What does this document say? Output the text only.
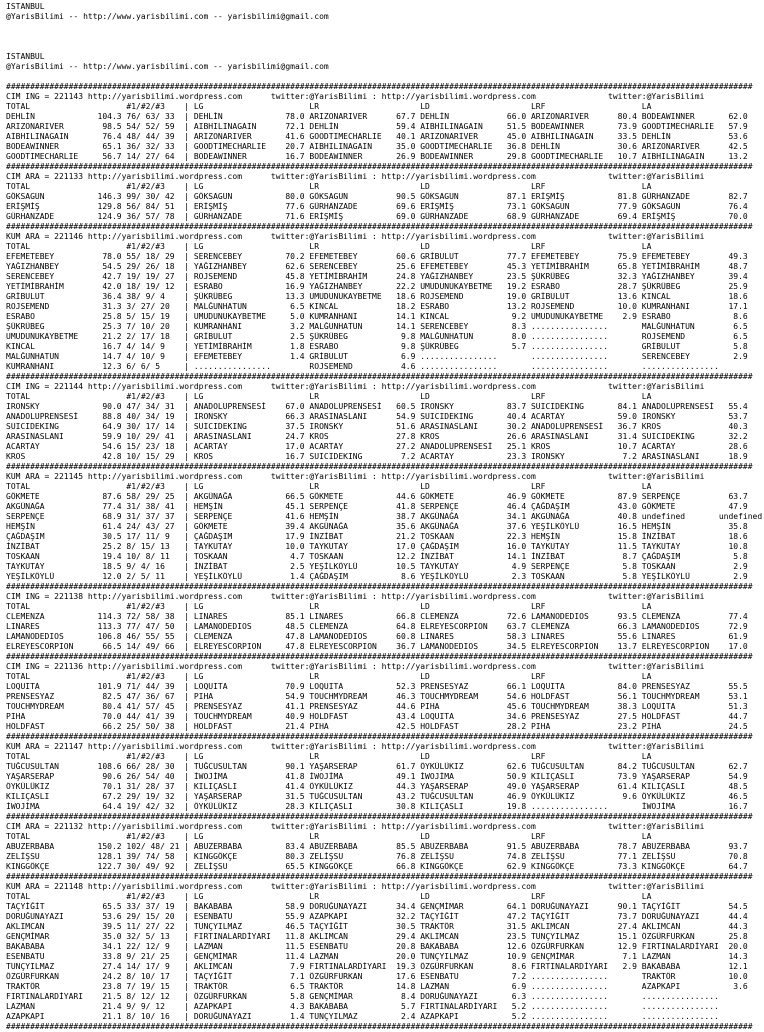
ISTANBUL
@YarisBilimi -- http://www.yarisbilimi.com -- yarisbilimi@gmail.com
ISTANBUL
@YarisBilimi -- http://www.yarisbilimi.com -- yarisbilimi@gmail.com
###########################################################################################################################################################
CIM ING = 221143 http://yarisbilimi.wordpress.com      twitter:@YarisBilimi : http://yarisbilimi.wordpress.com               twitter:@YarisBilimi
TOTAL                    #1/#2/#3    | LG                      LR                     LD                     LRF                    LA
DEHLİN             104.3 76/ 63/ 33  | DEHLİN             78.0 ARIZONARIVER      67.7 DEHLİN            66.0 ARIZONARIVER      80.4 BODEAWINNER       62.0
ARIZONARIVER        98.5 54/ 52/ 59  | AIBHILINAGAIN      72.1 DEHLİN            59.4 AIBHILINAGAIN     51.5 BODEAWINNER       73.9 GOODTIMECHARLIE   57.9
AIBHILINAGAIN       76.4 48/ 44/ 39  | ARIZONARIVER       41.6 GOODTIMECHARLIE   40.1 ARIZONARIVER      45.0 AIBHILINAGAIN     33.5 DEHLİN            53.6
BODEAWINNER         65.1 36/ 32/ 33  | GOODTIMECHARLIE    20.7 AIBHILINAGAIN     35.0 GOODTIMECHARLIE   36.8 DEHLİN            30.6 ARIZONARIVER      42.5
GOODTIMECHARLIE     56.7 14/ 27/ 64  | BODEAWINNER        16.7 BODEAWINNER       26.9 BODEAWINNER       29.8 GOODTIMECHARLIE   10.7 AIBHILINAGAIN     13.2
###########################################################################################################################################################
CIM ARA = 221133 http://yarisbilimi.wordpress.com      twitter:@YarisBilimi : http://yarisbilimi.wordpress.com               twitter:@YarisBilimi
TOTAL                    #1/#2/#3    | LG                      LR                     LD                     LRF                    LA
GÖKSAGUN           146.3 99/ 30/ 42  | GÖKSAGUN           80.0 GÖKSAGUN          90.5 GÖKSAGUN          87.1 ERİŞMİŞ           81.8 GÜRHANZADE        82.7
ERİŞMİŞ            129.8 56/ 84/ 51  | ERİŞMİŞ            77.6 GÜRHANZADE        69.6 ERİŞMİŞ           73.1 GÖKSAGUN          77.9 GÖKSAGUN          76.4
GÜRHANZADE         124.9 36/ 57/ 78  | GÜRHANZADE         71.6 ERİŞMİŞ           69.0 GÜRHANZADE        68.9 GÜRHANZADE        69.4 ERİŞMİŞ           70.0
###########################################################################################################################################################
KUM ARA = 221146 http://yarisbilimi.wordpress.com      twitter:@YarisBilimi : http://yarisbilimi.wordpress.com               twitter:@YarisBilimi
TOTAL                    #1/#2/#3    | LG                      LR                     LD                     LRF                    LA
EFEMETEBEY          78.0 55/ 18/ 29  | SERENCEBEY         70.2 EFEMETEBEY        60.6 GRİBULUT          77.7 EFEMETEBEY        75.9 EFEMETEBEY        49.3
YAĞIZHANBEY         54.5 29/ 26/ 18  | YAĞIZHANBEY        62.6 SERENCEBEY        25.6 EFEMETEBEY        45.3 YETİMİBRAHİM      65.8 YETİMİBRAHİM      48.7
SERENCEBEY          42.7 19/ 19/ 27  | ROJSEMEND          45.8 YETİMİBRAHİM      24.8 YAĞIZHANBEY       23.5 ŞÜKRÜBEG          32.3 YAĞIZHANBEY       39.4
YETİMİBRAHİM        42.0 18/ 19/ 12  | ESRABO             16.9 YAĞIZHANBEY       22.2 UMUDUNUKAYBETME   19.2 ESRABO            28.7 ŞÜKRÜBEG          25.9
GRİBULUT            36.4 38/ 9/ 4    | ŞÜKRÜBEG           13.3 UMUDUNUKAYBETME   18.6 ROJSEMEND         19.0 GRİBULUT          13.6 KINCAL            18.6
ROJSEMEND           31.3 3/ 27/ 20   | MALĞUNHATUN         6.5 KINCAL            18.2 ESRABO            13.2 ROJSEMEND         10.0 KUMRANHANI        17.1
ESRABO              25.8 5/ 15/ 19   | UMUDUNUKAYBETME     5.0 KUMRANHANI        14.1 KINCAL             9.2 UMUDUNUKAYBETME    2.9 ESRABO             8.6
ŞÜKRÜBEG            25.3 7/ 10/ 20   | KUMRANHANI          3.2 MALĞUNHATUN       14.1 SERENCEBEY         8.3 ................       MALĞUNHATUN        6.5
UMUDUNUKAYBETME     21.2 2/ 17/ 18   | GRİBULUT            2.5 ŞÜKRÜBEG           9.8 MALĞUNHATUN        8.0 ................       ROJSEMEND          6.5
KINCAL              16.7 4/ 14/ 9    | YETİMİBRAHİM        1.8 ESRABO             9.8 ŞÜKRÜBEG           5.7 ................       GRİBULUT           5.8
MALĞUNHATUN         14.7 4/ 10/ 9    | EFEMETEBEY          1.4 GRİBULUT           6.9 ................       ................       SERENCEBEY         2.9
KUMRANHANI          12.3 6/ 6/ 5     | ................        ROJSEMEND          4.6 ................       ................       ................
###########################################################################################################################################################
CIM ING = 221144 http://yarisbilimi.wordpress.com      twitter:@YarisBilimi : http://yarisbilimi.wordpress.com               twitter:@YarisBilimi
TOTAL                    #1/#2/#3    | LG                      LR                     LD                     LRF                    LA
IRONSKY             90.0 47/ 34/ 31  | ANADOLUPRENSESİ    67.0 ANADOLUPRENSESİ   60.5 IRONSKY           83.7 SUICIDEKING       84.1 ANADOLUPRENSESİ   55.4
ANADOLUPRENSESİ     88.8 40/ 34/ 19  | IRONSKY            66.3 ARASINASLANI      54.9 SUICIDEKING       40.4 ACARTAY           59.0 IRONSKY           53.7
SUICIDEKING         64.9 30/ 17/ 14  | SUICIDEKING        37.5 IRONSKY           51.6 ARASINASLANI      30.2 ANADOLUPRENSESİ   36.7 KROS              40.3
ARASINASLANI        59.9 10/ 29/ 41  | ARASINASLANI       24.7 KROS              27.8 KROS              26.6 ARASINASLANI      31.4 SUICIDEKING       32.2
ACARTAY             54.6 15/ 23/ 18  | ACARTAY            17.0 ACARTAY           27.2 ANADOLUPRENSESİ   25.1 KROS              10.7 ACARTAY           28.6
KROS                42.8 10/ 15/ 29  | KROS               16.7 SUICIDEKING        7.2 ACARTAY           23.3 IRONSKY            7.2 ARASINASLANI      18.9
###########################################################################################################################################################
KUM ARA = 221145 http://yarisbilimi.wordpress.com      twitter:@YarisBilimi : http://yarisbilimi.wordpress.com               twitter:@YarisBilimi
TOTAL                    #1/#2/#3    | LG                      LR                     LD                     LRF                    LA
GÖKMETE             87.6 58/ 29/ 25  | AKGÜNAĞA           66.5 GÖKMETE           44.6 GÖKMETE           46.9 GÖKMETE           87.9 SERPENÇE          63.7
AKGÜNAĞA            77.4 31/ 38/ 41  | HEMŞİN             45.1 SERPENÇE          41.8 SERPENÇE          46.4 ÇAĞDAŞIM          43.0 GÖKMETE           47.9
SERPENÇE            68.9 31/ 37/ 37  | SERPENÇE           41.6 HEMŞİN            38.7 AKGÜNAĞA          34.1 AKGÜNAĞA          40.8 undefined       undefined
HEMŞİN              61.4 24/ 43/ 27  | GÖKMETE            39.4 AKGÜNAĞA          35.6 AKGÜNAĞA          37.6 YEŞİLKÖYLÜ        16.5 HEMŞİN            35.8
ÇAĞDAŞIM            30.5 17/ 11/ 9   | ÇAĞDAŞIM           17.9 İNZİBAT           21.2 TOSKAAN           22.3 HEMŞİN            15.8 İNZİBAT           18.6
İNZİBAT             25.2 8/ 15/ 13   | TAYKUTAY           10.0 TAYKUTAY          17.0 ÇAĞDAŞIM          16.0 TAYKUTAY          11.5 TAYKUTAY          10.8
TOSKAAN             19.4 10/ 8/ 11   | TOSKAAN             4.7 TOSKAAN           12.2 İNZİBAT           14.1 İNZİBAT            8.7 ÇAĞDAŞIM           5.8
TAYKUTAY            18.5 9/ 4/ 16    | İNZİBAT             2.5 YEŞİLKÖYLÜ        10.5 TAYKUTAY           4.9 SERPENÇE           5.8 TOSKAAN            2.9
YEŞİLKÖYLÜ          12.0 2/ 5/ 11    | YEŞİLKÖYLÜ          1.4 ÇAĞDAŞIM           8.6 YEŞİLKÖYLÜ         2.3 TOSKAAN            5.8 YEŞİLKÖYLÜ         2.9
###########################################################################################################################################################
CIM ING = 221138 http://yarisbilimi.wordpress.com      twitter:@YarisBilimi : http://yarisbilimi.wordpress.com               twitter:@YarisBilimi
TOTAL                    #1/#2/#3    | LG                      LR                     LD                     LRF                    LA
CLEMENZA           114.3 72/ 58/ 38  | LINARES            85.1 LINARES           66.8 CLEMENZA          72.6 LAMANODEDIOS      93.5 CLEMENZA          77.4
LINARES            113.3 77/ 47/ 50  | LAMANODEDIOS       48.5 CLEMENZA          64.8 ELREYESCORPION    63.7 CLEMENZA          66.3 LAMANODEDIOS      72.9
LAMANODEDIOS       106.8 46/ 55/ 55  | CLEMENZA           47.8 LAMANODEDIOS      60.8 LINARES           58.3 LINARES           55.6 LINARES           61.9
ELREYESCORPION      66.5 14/ 49/ 66  | ELREYESCORPION     47.8 ELREYESCORPION    36.7 LAMANODEDIOS      34.5 ELREYESCORPION    13.7 ELREYESCORPION    17.0
###########################################################################################################################################################
CIM ING = 221136 http://yarisbilimi.wordpress.com      twitter:@YarisBilimi : http://yarisbilimi.wordpress.com               twitter:@YarisBilimi
TOTAL                    #1/#2/#3    | LG                      LR                     LD                     LRF                    LA
LOQUITA            101.9 71/ 44/ 39  | LOQUITA            70.9 LOQUITA           52.3 PRENSESYAZ        66.1 LOQUITA           84.0 PRENSESYAZ        55.5
PRENSESYAZ          82.5 47/ 36/ 67  | PIHA               54.9 TOUCHMYDREAM      46.3 TOUCHMYDREAM      54.6 HOLDFAST          56.1 TOUCHMYDREAM      53.1
TOUCHMYDREAM        80.4 41/ 57/ 45  | PRENSESYAZ         41.1 PRENSESYAZ        44.6 PIHA              45.6 TOUCHMYDREAM      38.3 LOQUITA           51.3
PIHA                70.0 44/ 41/ 39  | TOUCHMYDREAM       40.9 HOLDFAST          43.4 LOQUITA           34.6 PRENSESYAZ        27.5 HOLDFAST          44.7
HOLDFAST            66.2 25/ 50/ 38  | HOLDFAST           21.4 PIHA              42.5 HOLDFAST          28.2 PIHA              23.2 PIHA              24.5
###########################################################################################################################################################
KUM ARA = 221147 http://yarisbilimi.wordpress.com      twitter:@YarisBilimi : http://yarisbilimi.wordpress.com               twitter:@YarisBilimi
TOTAL                    #1/#2/#3    | LG                      LR                     LD                     LRF                    LA
TUĞCUSULTAN        108.6 66/ 28/ 30  | TUĞCUSULTAN        90.1 YAŞARSERAP        61.7 ÖYKÜLÜKIZ         62.6 TUĞCUSULTAN       84.2 TUĞCUSULTAN       62.7
YAŞARSERAP          90.6 26/ 54/ 40  | İWOJİMA            41.8 İWOJİMA           49.1 İWOJİMA           50.9 KILIÇASLI         73.9 YAŞARSERAP        54.9
ÖYKÜLÜKIZ           70.1 31/ 28/ 37  | KILIÇASLI          41.4 ÖYKÜLÜKIZ         44.3 YAŞARSERAP        49.0 YAŞARSERAP        61.4 KILIÇASLI         48.5
KILIÇASLI           67.2 29/ 19/ 32  | YAŞARSERAP         31.5 TUĞCUSULTAN       43.2 TUĞCUSULTAN       46.9 ÖYKÜLÜKIZ          9.6 ÖYKÜLÜKIZ         46.5
İWOJİMA             64.4 19/ 42/ 32  | ÖYKÜLÜKIZ          28.3 KILIÇASLI         30.8 KILIÇASLI         19.8 ................       İWOJİMA           16.7
###########################################################################################################################################################
CIM ARA = 221132 http://yarisbilimi.wordpress.com      twitter:@YarisBilimi : http://yarisbilimi.wordpress.com               twitter:@YarisBilimi
TOTAL                    #1/#2/#3    | LG                      LR                     LD                     LRF                    LA
ABUZERBABA         150.2 102/ 48/ 21 | ABUZERBABA         83.4 ABUZERBABA        85.5 ABUZERBABA        91.5 ABUZERBABA        78.7 ABUZERBABA        93.7
ZELİŞSU            128.1 39/ 74/ 58  | KINGGÖKÇE          80.3 ZELİŞSU           76.8 ZELİŞSU           74.8 ZELİŞSU           77.1 ZELİŞSU           70.8
KINGGÖKÇE          122.7 30/ 49/ 92  | ZELİŞSU            65.5 KINGGÖKÇE         66.8 KINGGÖKÇE         62.9 KINGGÖKÇE         73.3 KINGGÖKÇE         64.7
###########################################################################################################################################################
KUM ARA = 221148 http://yarisbilimi.wordpress.com      twitter:@YarisBilimi : http://yarisbilimi.wordpress.com               twitter:@YarisBilimi
TOTAL                    #1/#2/#3    | LG                      LR                     LD                     LRF                    LA
TAÇYİĞİT            65.5 33/ 37/ 19  | BAKABABA           58.9 DORUĞUNAYAZI      34.4 GENÇMİMAR         64.1 DORUĞUNAYAZI      90.1 TAÇYİĞİT          54.5
DORUĞUNAYAZI        53.6 29/ 15/ 20  | ESENBATU           55.9 AZAPKAPI          32.2 TAÇYİĞİT          47.2 TAÇYİĞİT          73.7 DORUĞUNAYAZI      44.4
AKLIMCAN            39.5 11/ 27/ 22  | TUNÇYILMAZ         46.5 TAÇYİĞİT          30.5 TRAKTÖR           31.5 AKLIMCAN          27.4 AKLIMCAN          44.3
GENÇMİMAR           35.0 32/ 5/ 13   | FIRTINALARDİYARI   11.8 AKLIMCAN          29.4 AKLIMCAN          23.5 TUNÇYILMAZ        15.1 ÖZGÜRFURKAN       25.8
BAKABABA            34.1 22/ 12/ 9   | LAZMAN             11.5 ESENBATU          20.8 BAKABABA          12.6 ÖZGÜRFURKAN       12.9 FIRTINALARDİYARI  20.0
ESENBATU            33.8 9/ 21/ 25   | GENÇMİMAR          11.4 LAZMAN            20.0 TUNÇYILMAZ        10.9 GENÇMİMAR          7.1 LAZMAN            14.3
TUNÇYILMAZ          27.4 14/ 17/ 9   | AKLIMCAN            7.9 FIRTINALARDİYARI  19.3 ÖZGÜRFURKAN        8.6 FIRTINALARDİYARI   2.9 BAKABABA          12.1
ÖZGÜRFURKAN         24.2 8/ 10/ 17   | TAÇYİĞİT            7.1 ÖZGÜRFURKAN       17.6 ESENBATU           7.2 ................       TRAKTÖR           10.0
TRAKTÖR             23.8 7/ 19/ 15   | TRAKTÖR             6.5 TRAKTÖR           14.8 LAZMAN             6.9 ................       AZAPKAPI           3.6
FIRTINALARDİYARI    21.5 8/ 12/ 12   | ÖZGÜRFURKAN         5.8 GENÇMİMAR          8.4 DORUĞUNAYAZI       6.3 ................       ................
LAZMAN              21.4 9/ 9/ 12    | AZAPKAPI            4.3 BAKABABA           5.7 FIRTINALARDİYARI   5.2 ................       ................
AZAPKAPI            21.1 8/ 10/ 16   | DORUĞUNAYAZI        1.4 TUNÇYILMAZ         2.4 AZAPKAPI           5.2 ................       ................
###########################################################################################################################################################
